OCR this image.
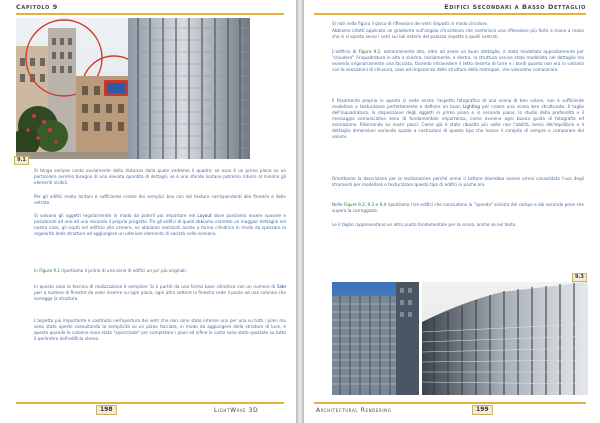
Capitolo 9
9.1

Si tenga sempre conto ovviamente della distanza dalla quale vedremo il quadro: se esso è un primo piano su un particolare avremo bisogno di una elevata quantità di dettagli, se è uno sfondo lontano potremo ridurre al minimo gli elementi visibili.

Per gli edifici molto lontani è sufficiente creare dei semplici box con dei texture corrispondenti alle finestre e delle vetrate.

Si salvano gli oggetti regolarmente in modo da poterli poi importare nel Layout dove possiamo essere sposare e posizionati ad uno ad uno secondo il proprio progetto. Tra gli edifici di quelli abbiamo corrente un maggior dettaglio nel nostro caso, gli ospiti nel edificio alla camera, ne abbiamo realizzati anche a forma cilindrica in modo da spezzare la regolarità delle strutture ed aggiungere un ulteriore elemento di varietà nello scenario.

In Figura 9.1 riportiamo il primo di una serie di edifici un po' più originali.

In questo caso la tecnica di realizzazione è semplice: Si è partiti da una forma base cilindrica con un numero di Side pari a numero di finestre da voler inserire su ogni piano, ogni altro settore la finestra cede il posto ad una colonna che sorregge la struttura.

L'aspetto più importante è costituito nell'apertura dei vetri che non sono state intense una per una su tutti i piani ma sono state aperte consultando la semplicità su un piano facciata, in modo da aggiungere delle striature di luce, e questo quando le colonne sono stata "specchiate" per completare i piani ed infine le coste sono state spostate su tutto il perimetro dell'edificio stesso.

198	LightWave 3D
Edifici Secondari a Basso Dettaglio

Si noti nella figura il gioco di riflessioni dei vetri disposti in modo circolare.

Abbiamo infatti applicato un gradiente sull'angolo d'incidenza che conferisce una riflessione più forte a mano a mano che ci si sposta verso i vetri sui lati esterni del palazzo rispetto a quelli centrali.

L'edificio di Figura 9.2, estremamente alto, oltre ad avere un buon dettaglio, è stato modellato appositamente per "chiudere" l'inquadratura in alto a sinistra. Inizialmente, a destra, la struttura veniva stata modellata nel dettaglio ma essendo originariamente una facciata, facendo intravedere il tetto deserto di torre e i bordi quanto non era in sintonia con le sensazioni di chiusura, caos ed imponenza delle strutture della metropoli, che volevamo comunicare.

Il fissamento proprio in questo si vede anche l'aspetto fotografico di una scena di ben colore, non è sufficiente modellare e texturizzare perfettamente e definire un buon Lighting per creare una scena ben strutturata. Il taglio dell'inquadratura, la disposizione degli oggetti in primo piano e in secondo piano, lo studio della profondità e il messaggio comunicativo sono di fondamentale importanza, come avviene ogni buona guida di fotografia ed animazione. Ritornando su nostri passi: Come già è stato ribadito più volte non l'abilità, bensì dell'equilibrio e il dettaglio dimensioni variando spazio a costruzioni di questo tipo che hanno il compito di sempre e comparare del volumi.

Omettiamo la descrizione per la realizzazione perché ormai il Lettore dovrebbe essere ormai consolidato l'uso degli strumenti per modellare e texturizzare questo tipo di edifici in poche ore.

Nelle Figure 9.2, 9.3 e 9.4 riportiamo i tre edifici che concludono la "sponda" sinistra del campo e dal secondo pone che supera la carreggiata.

Le il taglio rappresentano un altro punto fondamentale per la scena, anche se nel testo.

9.3
Architectural Rendering	199
